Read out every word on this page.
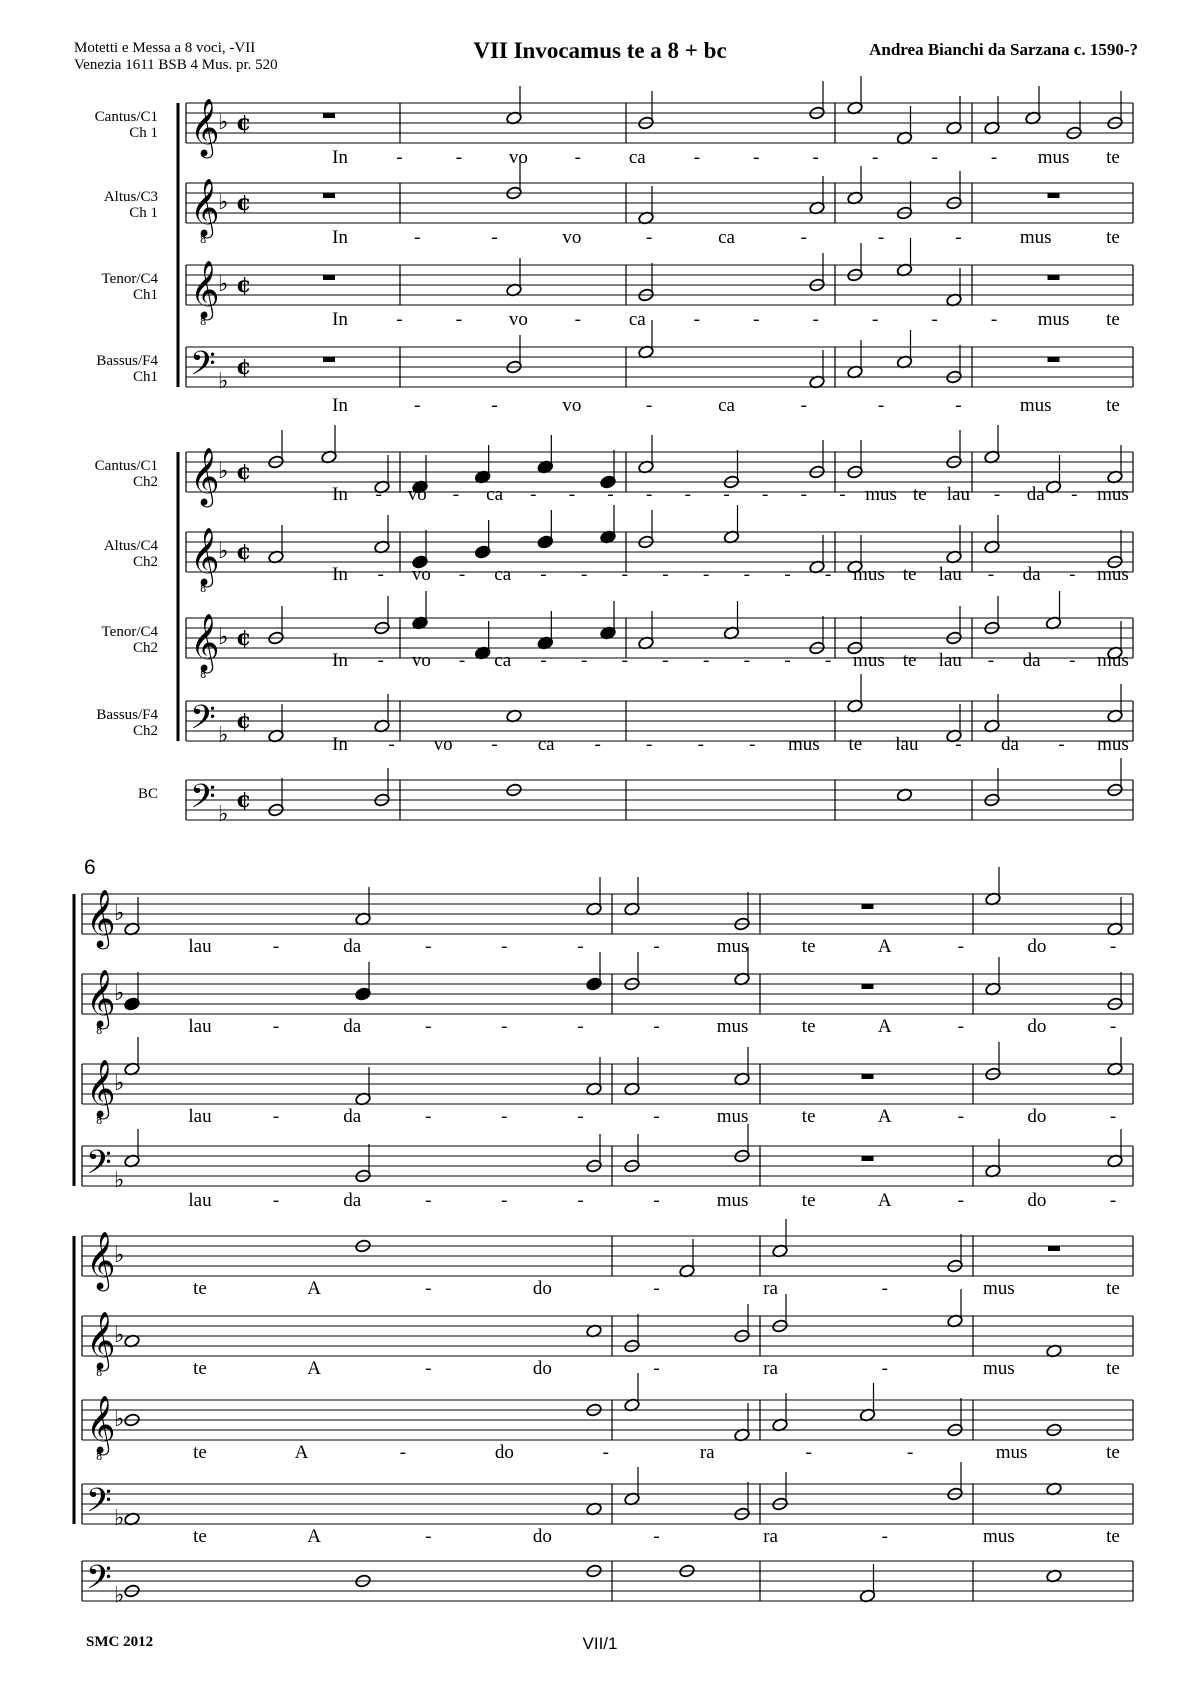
Motetti e Messa a 8 voci, -VII
Venezia 1611 BSB 4 Mus. pr. 520
VII Invocamus te a 8 + bc	Andrea Bianchi da Sarzana c. 1590-?
6
SMC 2012	VII/1
𝄞
♭ ¢
Cantus/C1
Ch 1
In	-	- vo -	ca	-	-	-	-	-	- mus te
𝄞
8
♭ ¢
Altus/C3
Ch 1
In	-	-	vo	-	ca	-	-	-	mus	te
𝄞
8
♭ ¢
Tenor/C4
Ch1
In	-	- vo -	ca	-	-	-	-	-	- mus te
𝄢 ♭
¢
Bassus/F4
Ch1
In	-	-	vo	-	ca	-	-	-	mus	te
𝄞
♭ ¢
Cantus/C1
Ch2
In - vo - ca - - - - - - - - - mus te lau - da - mus
𝄞
8
♭ ¢
Altus/C4
Ch2
In - vo - ca - - - - - - - - mus te lau - da - mus
𝄞
8
♭ ¢
Tenor/C4
Ch2
In - vo - ca - - - - - - - - mus te lau - da - mus
𝄢 ♭
¢
Bassus/F4
Ch2
In - vo - ca - - - - mus te lau - da - mus
𝄢 ♭
¢
BC
𝄞
♭
lau	-	da	-	-	-	-	mus	te	A	-	do	-
𝄞
8
♭
lau	-	da	-	-	-	-	mus	te	A	-	do	-
𝄞
8
♭
lau	-	da	-	-	-	-	mus	te	A	-	do	-
𝄢 ♭
lau	-	da	-	-	-	-	mus	te	A	-	do	-
𝄞
♭
te	A	-	do	-	ra	-	mus	te
𝄞
8
♭
te	A	-	do	-	ra	-	mus	te
𝄞
8
♭
te	A	-	do	-	ra	-	-	mus	te
𝄢 ♭
te	A	-	do	-	ra	-	mus	te
𝄢 ♭
